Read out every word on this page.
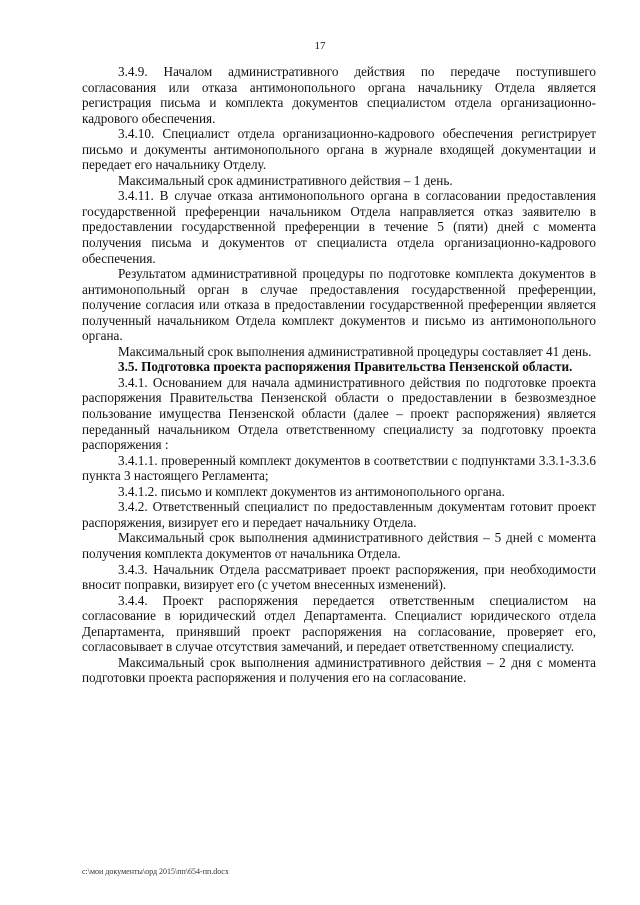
17

3.4.9. Началом административного действия по передаче поступившего согласования или отказа антимонопольного органа начальнику Отдела является регистрация письма и комплекта документов специалистом отдела организационно-кадрового обеспечения.

3.4.10. Специалист отдела организационно-кадрового обеспечения регистрирует письмо и документы антимонопольного органа в журнале входящей документации и передает его начальнику Отделу.

Максимальный срок административного действия – 1 день.

3.4.11. В случае отказа антимонопольного органа в согласовании предоставления государственной преференции начальником Отдела направляется отказ заявителю в предоставлении государственной преференции в течение 5 (пяти) дней с момента получения письма и документов от специалиста отдела организационно-кадрового обеспечения.

Результатом административной процедуры по подготовке комплекта документов в антимонопольный орган в случае предоставления государственной преференции, получение согласия или отказа в предоставлении государственной преференции является полученный начальником Отдела комплект документов и письмо из антимонопольного органа.

Максимальный срок выполнения административной процедуры составляет 41 день.

3.5. Подготовка проекта распоряжения Правительства Пензенской области.

3.4.1. Основанием для начала административного действия по подготовке проекта распоряжения Правительства Пензенской области о предоставлении в безвозмездное пользование имущества Пензенской области (далее – проект распоряжения) является переданный начальником Отдела ответственному специалисту за подготовку проекта распоряжения :

3.4.1.1. проверенный комплект документов в соответствии с подпунктами 3.3.1-3.3.6 пункта 3 настоящего Регламента;

3.4.1.2. письмо и комплект документов из антимонопольного органа.

3.4.2. Ответственный специалист по предоставленным документам готовит проект распоряжения, визирует его и передает начальнику Отдела.

Максимальный срок выполнения административного действия – 5 дней с момента получения комплекта документов от начальника Отдела.

3.4.3. Начальник Отдела рассматривает проект распоряжения, при необходимости вносит поправки, визирует его (с учетом внесенных изменений).

3.4.4. Проект распоряжения передается ответственным специалистом на согласование в юридический отдел Департамента. Специалист юридического отдела Департамента, принявший проект распоряжения на согласование, проверяет его, согласовывает в случае отсутствия замечаний, и передает ответственному специалисту.

Максимальный срок выполнения административного действия – 2 дня с момента подготовки проекта распоряжения и получения его на согласование.

c:\мои документы\орд 2015\пп\654-пп.docx
